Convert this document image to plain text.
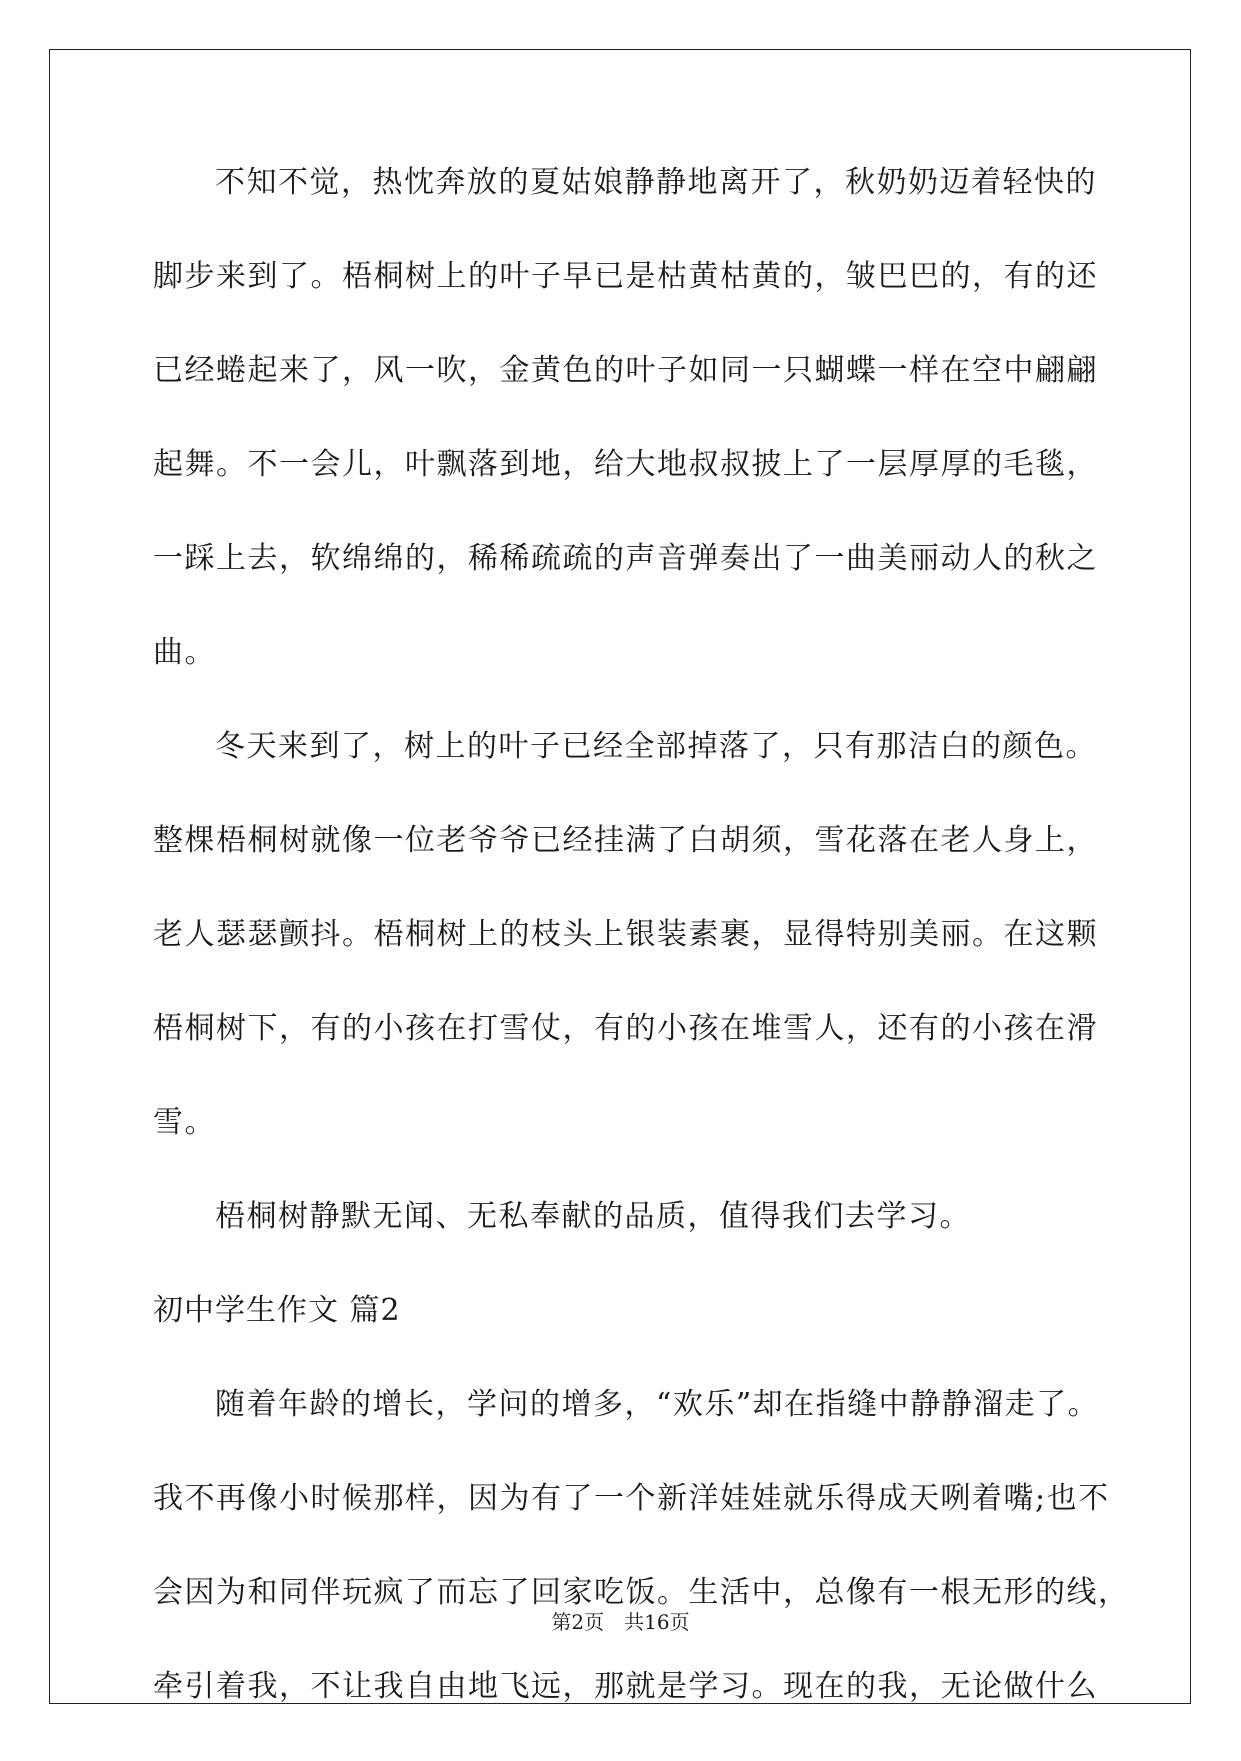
不知不觉，热忱奔放的夏姑娘静静地离开了，秋奶奶迈着轻快的
脚步来到了。梧桐树上的叶子早已是枯黄枯黄的，皱巴巴的，有的还
已经蜷起来了，风一吹，金黄色的叶子如同一只蝴蝶一样在空中翩翩
起舞。不一会儿，叶飘落到地，给大地叔叔披上了一层厚厚的毛毯，
一踩上去，软绵绵的，稀稀疏疏的声音弹奏出了一曲美丽动人的秋之
曲。
冬天来到了，树上的叶子已经全部掉落了，只有那洁白的颜色。
整棵梧桐树就像一位老爷爷已经挂满了白胡须，雪花落在老人身上，
老人瑟瑟颤抖。梧桐树上的枝头上银装素裹，显得特别美丽。在这颗
梧桐树下，有的小孩在打雪仗，有的小孩在堆雪人，还有的小孩在滑
雪。
梧桐树静默无闻、无私奉献的品质，值得我们去学习。
初中学生作文 篇2
随着年龄的增长，学问的增多，“欢乐”却在指缝中静静溜走了。
我不再像小时候那样，因为有了一个新洋娃娃就乐得成天咧着嘴;也不
会因为和同伴玩疯了而忘了回家吃饭。生活中，总像有一根无形的线，
牵引着我，不让我自由地飞远，那就是学习。现在的我，无论做什么
第2页　共16页
